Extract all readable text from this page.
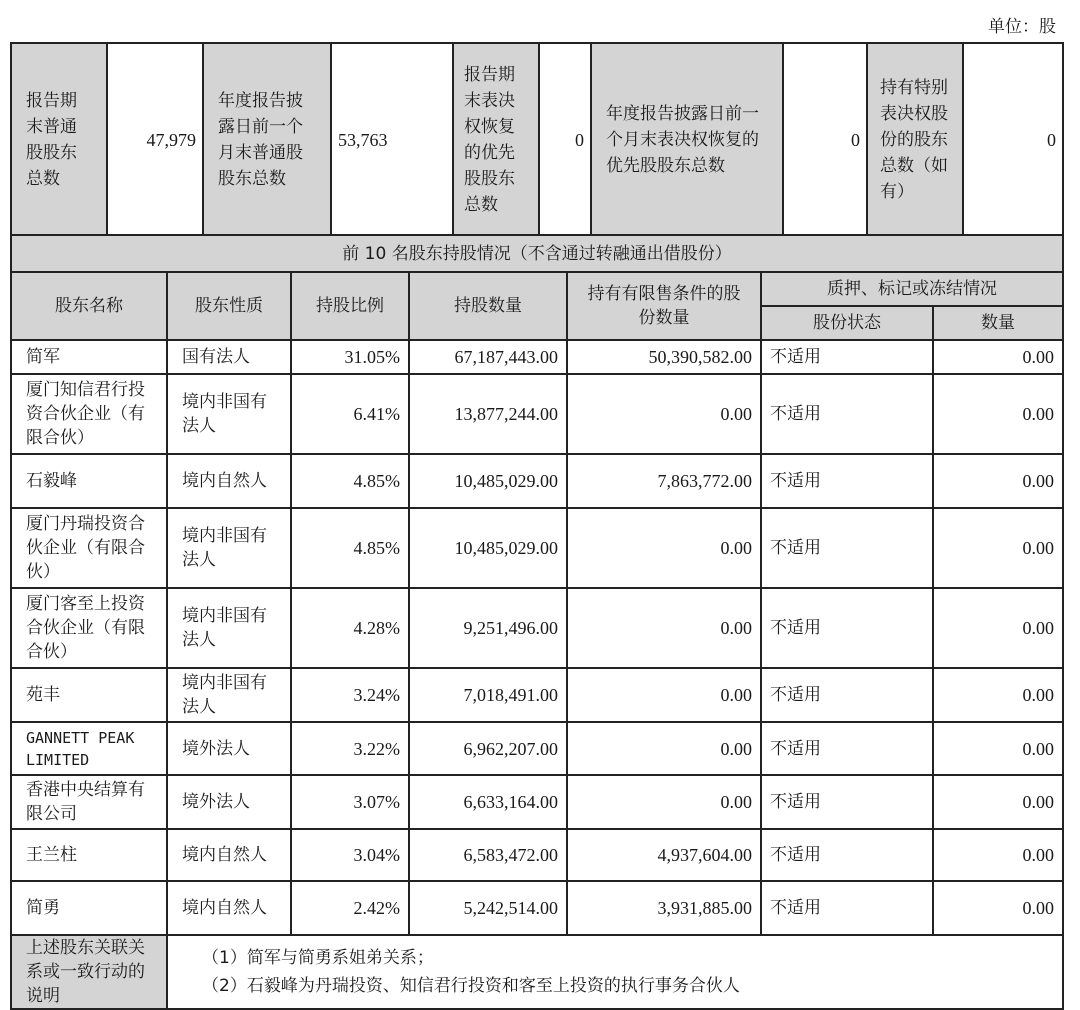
单位：股
报告期末普通股股东总数	47,979	年度报告披露日前一个月末普通股股东总数	53,763	报告期末表决权恢复的优先股股东总数	0	年度报告披露日前一个月末表决权恢复的优先股股东总数	0	持有特别表决权股份的股东总数（如有）	0
前 10 名股东持股情况（不含通过转融通出借股份）						
股东名称	股东性质	持股比例	持股数量	持有有限售条件的股份数量	质押、标记或冻结情况	
					股份状态	数量
简军	国有法人	31.05%	67,187,443.00	50,390,582.00	不适用	0.00
厦门知信君行投资合伙企业（有限合伙）	境内非国有法人	6.41%	13,877,244.00	0.00	不适用	0.00
石毅峰	境内自然人	4.85%	10,485,029.00	7,863,772.00	不适用	0.00
厦门丹瑞投资合伙企业（有限合伙）	境内非国有法人	4.85%	10,485,029.00	0.00	不适用	0.00
厦门客至上投资合伙企业（有限合伙）	境内非国有法人	4.28%	9,251,496.00	0.00	不适用	0.00
苑丰	境内非国有法人	3.24%	7,018,491.00	0.00	不适用	0.00
GANNETT PEAK LIMITED	境外法人	3.22%	6,962,207.00	0.00	不适用	0.00
香港中央结算有限公司	境外法人	3.07%	6,633,164.00	0.00	不适用	0.00
王兰柱	境内自然人	3.04%	6,583,472.00	4,937,604.00	不适用	0.00
简勇	境内自然人	2.42%	5,242,514.00	3,931,885.00	不适用	0.00
上述股东关联关系或一致行动的说明	（1）简军与简勇系姐弟关系；
（2）石毅峰为丹瑞投资、知信君行投资和客至上投资的执行事务合伙人					
